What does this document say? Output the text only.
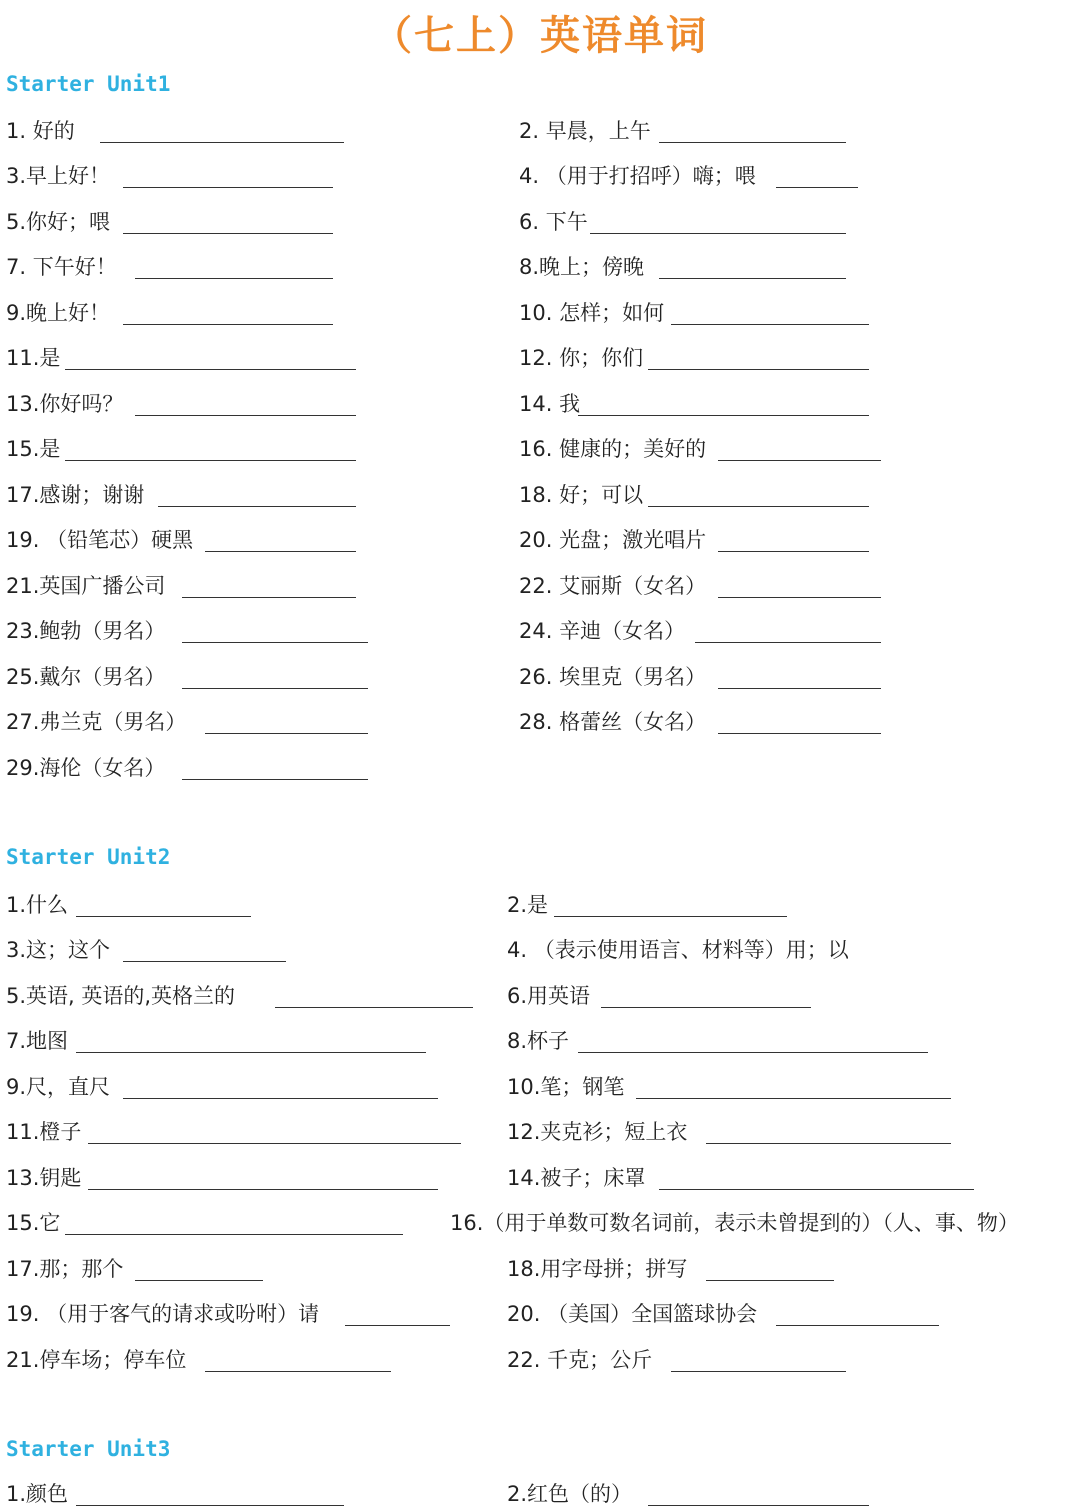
（七上）英语单词
Starter Unit1
1. 好的	2. 早晨，上午
3.早上好！	4. （用于打招呼）嗨；喂
5.你好；喂	6. 下午
7. 下午好！	8.晚上；傍晚
9.晚上好！	10. 怎样；如何
11.是	12. 你；你们
13.你好吗？	14. 我
15.是	16. 健康的；美好的
17.感谢；谢谢	18. 好；可以
19. （铅笔芯）硬黑	20. 光盘；激光唱片
21.英国广播公司	22. 艾丽斯（女名）
23.鲍勃（男名）	24. 辛迪（女名）
25.戴尔（男名）	26. 埃里克（男名）
27.弗兰克（男名）	28. 格蕾丝（女名）
29.海伦（女名）
Starter Unit2
1.什么	2.是
3.这；这个	4. （表示使用语言、材料等）用；以
5.英语, 英语的,英格兰的	6.用英语
7.地图	8.杯子
9.尺，直尺	10.笔；钢笔
11.橙子	12.夹克衫；短上衣
13.钥匙	14.被子；床罩
15.它	16.（用于单数可数名词前，表示未曾提到的）（人、事、物）
17.那；那个	18.用字母拼；拼写
19. （用于客气的请求或吩咐）请	20. （美国）全国篮球协会
21.停车场；停车位	22. 千克；公斤
Starter Unit3
1.颜色	2.红色（的）
